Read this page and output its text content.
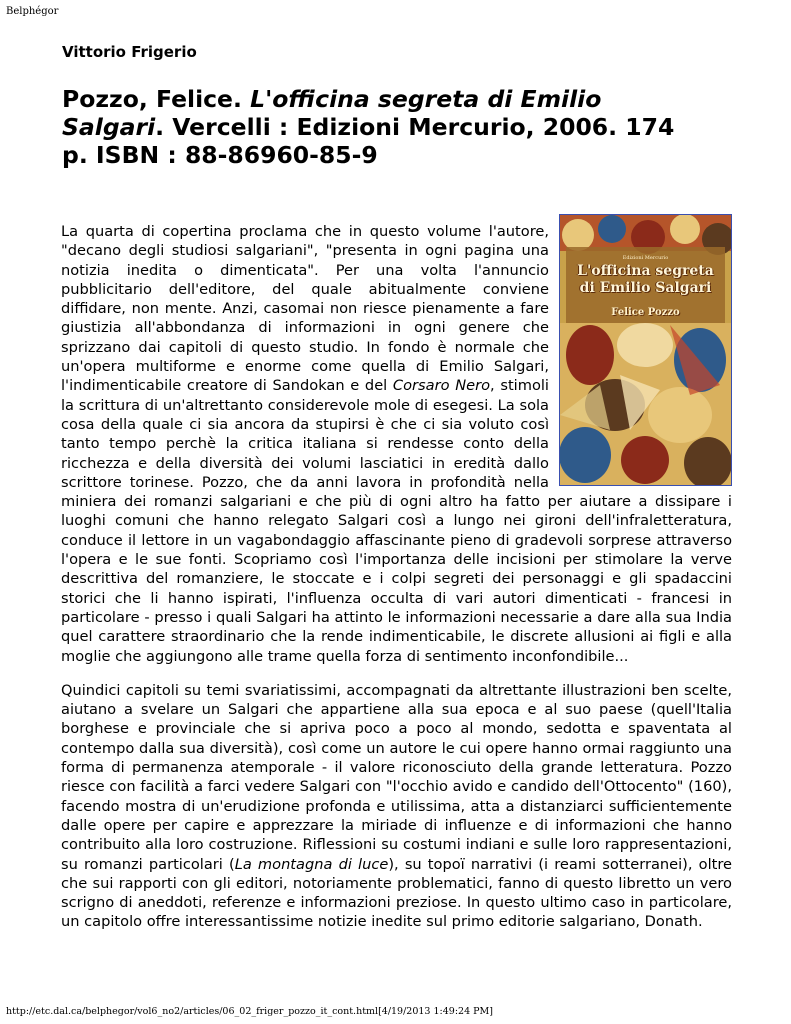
Belphégor
Vittorio Frigerio
Pozzo, Felice. L'officina segreta di Emilio Salgari. Vercelli : Edizioni Mercurio, 2006. 174 p. ISBN : 88-86960-85-9
Edizioni Mercurio
L'officina segreta
di Emilio Salgari
Felice Pozzo

La quarta di copertina proclama che in questo volume l'autore, "decano degli studiosi salgariani", "presenta in ogni pagina una notizia inedita o dimenticata". Per una volta l'annuncio pubblicitario dell'editore, del quale abitualmente conviene diffidare, non mente. Anzi, casomai non riesce pienamente a fare giustizia all'abbondanza di informazioni in ogni genere che sprizzano dai capitoli di questo studio. In fondo è normale che un'opera multiforme e enorme come quella di Emilio Salgari, l'indimenticabile creatore di Sandokan e del Corsaro Nero, stimoli la scrittura di un'altrettanto considerevole mole di esegesi. La sola cosa della quale ci sia ancora da stupirsi è che ci sia voluto così tanto tempo perchè la critica italiana si rendesse conto della ricchezza e della diversità dei volumi lasciatici in eredità dallo scrittore torinese. Pozzo, che da anni lavora in profondità nella miniera dei romanzi salgariani e che più di ogni altro ha fatto per aiutare a dissipare i luoghi comuni che hanno relegato Salgari così a lungo nei gironi dell'infraletteratura, conduce il lettore in un vagabondaggio affascinante pieno di gradevoli sorprese attraverso l'opera e le sue fonti. Scopriamo così l'importanza delle incisioni per stimolare la verve descrittiva del romanziere, le stoccate e i colpi segreti dei personaggi e gli spadaccini storici che li hanno ispirati, l'influenza occulta di vari autori dimenticati - francesi in particolare - presso i quali Salgari ha attinto le informazioni necessarie a dare alla sua India quel carattere straordinario che la rende indimenticabile, le discrete allusioni ai figli e alla moglie che aggiungono alle trame quella forza di sentimento inconfondibile...

Quindici capitoli su temi svariatissimi, accompagnati da altrettante illustrazioni ben scelte, aiutano a svelare un Salgari che appartiene alla sua epoca e al suo paese (quell'Italia borghese e provinciale che si apriva poco a poco al mondo, sedotta e spaventata al contempo dalla sua diversità), così come un autore le cui opere hanno ormai raggiunto una forma di permanenza atemporale - il valore riconosciuto della grande letteratura. Pozzo riesce con facilità a farci vedere Salgari con "l'occhio avido e candido dell'Ottocento" (160), facendo mostra di un'erudizione profonda e utilissima, atta a distanziarci sufficientemente dalle opere per capire e apprezzare la miriade di influenze e di informazioni che hanno contribuito alla loro costruzione. Riflessioni su costumi indiani e sulle loro rappresentazioni, su romanzi particolari (La montagna di luce), su topoï narrativi (i reami sotterranei), oltre che sui rapporti con gli editori, notoriamente problematici, fanno di questo libretto un vero scrigno di aneddoti, referenze e informazioni preziose. In questo ultimo caso in particolare, un capitolo offre interessantissime notizie inedite sul primo editorie salgariano, Donath.

http://etc.dal.ca/belphegor/vol6_no2/articles/06_02_friger_pozzo_it_cont.html[4/19/2013 1:49:24 PM]
